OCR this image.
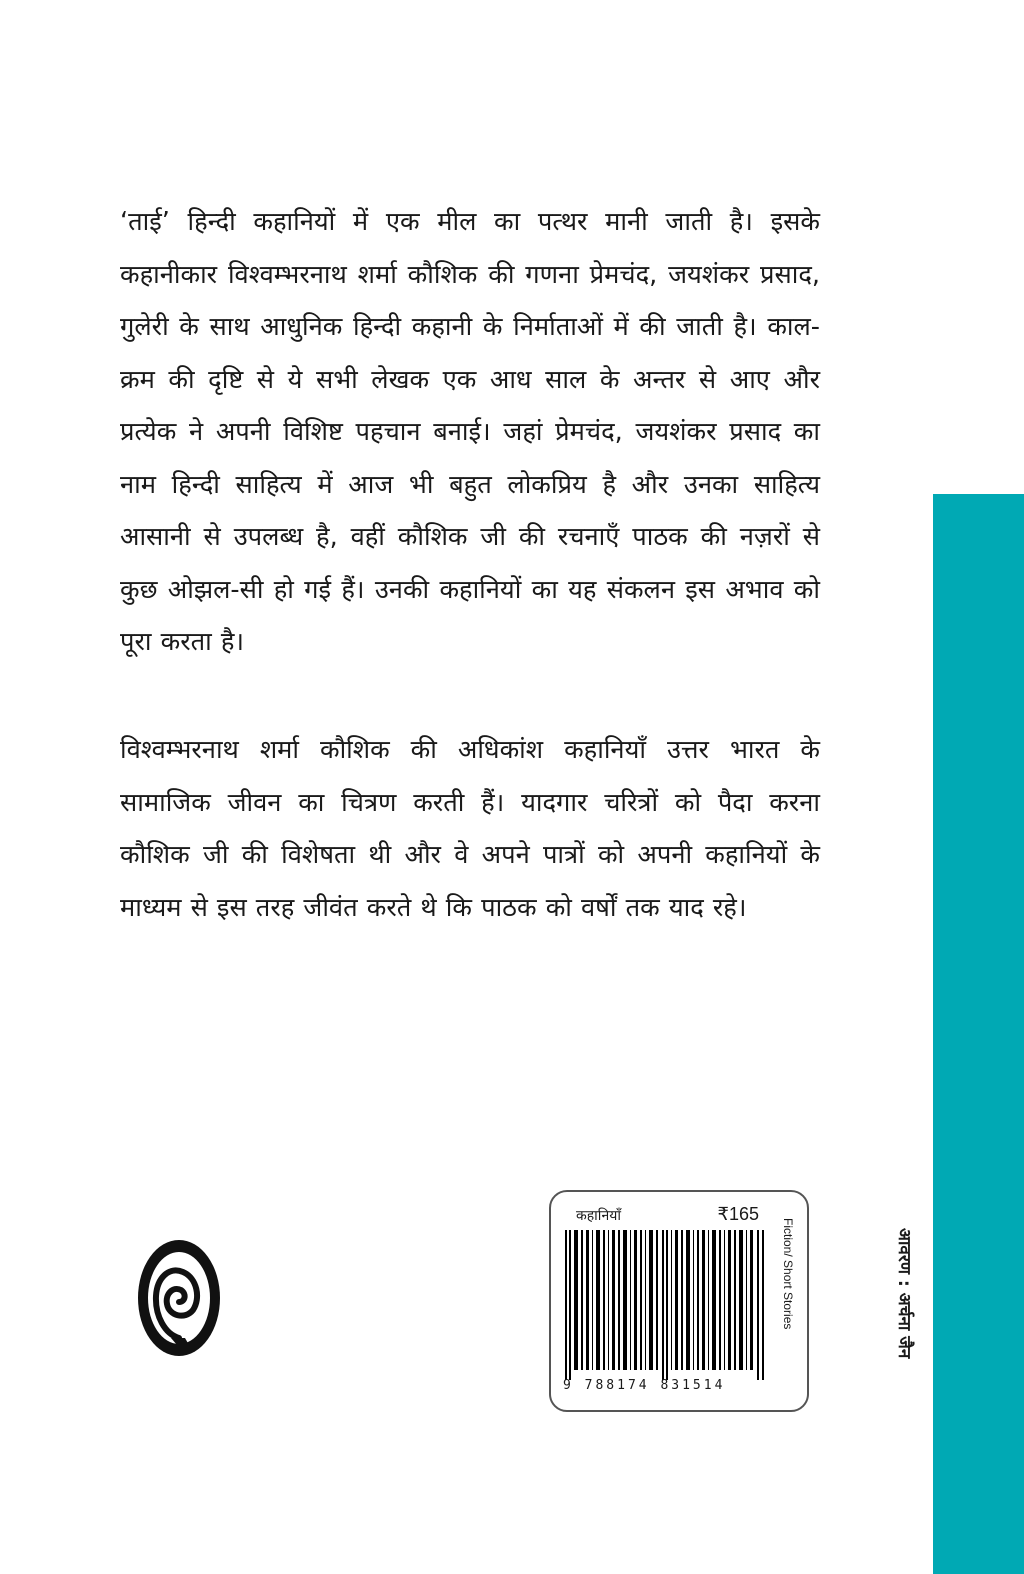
‘ताई’ हिन्दी कहानियों में एक मील का पत्थर मानी जाती है। इसके कहानीकार विश्वम्भरनाथ शर्मा कौशिक की गणना प्रेमचंद, जयशंकर प्रसाद, गुलेरी के साथ आधुनिक हिन्दी कहानी के निर्माताओं में की जाती है। काल-क्रम की दृष्टि से ये सभी लेखक एक आध साल के अन्तर से आए और प्रत्येक ने अपनी विशिष्ट पहचान बनाई। जहां प्रेमचंद, जयशंकर प्रसाद का नाम हिन्दी साहित्य में आज भी बहुत लोकप्रिय है और उनका साहित्य आसानी से उपलब्ध है, वहीं कौशिक जी की रचनाएँ पाठक की नज़रों से कुछ ओझल-सी हो गई हैं। उनकी कहानियों का यह संकलन इस अभाव को पूरा करता है।

विश्वम्भरनाथ शर्मा कौशिक की अधिकांश कहानियाँ उत्तर भारत के सामाजिक जीवन का चित्रण करती हैं। यादगार चरित्रों को पैदा करना कौशिक जी की विशेषता थी और वे अपने पात्रों को अपनी कहानियों के माध्यम से इस तरह जीवंत करते थे कि पाठक को वर्षों तक याद रहे।

कहानियाँ	₹165
9 788174 831514
Fiction/ Short Stories	आवरण : अर्चना जैन
